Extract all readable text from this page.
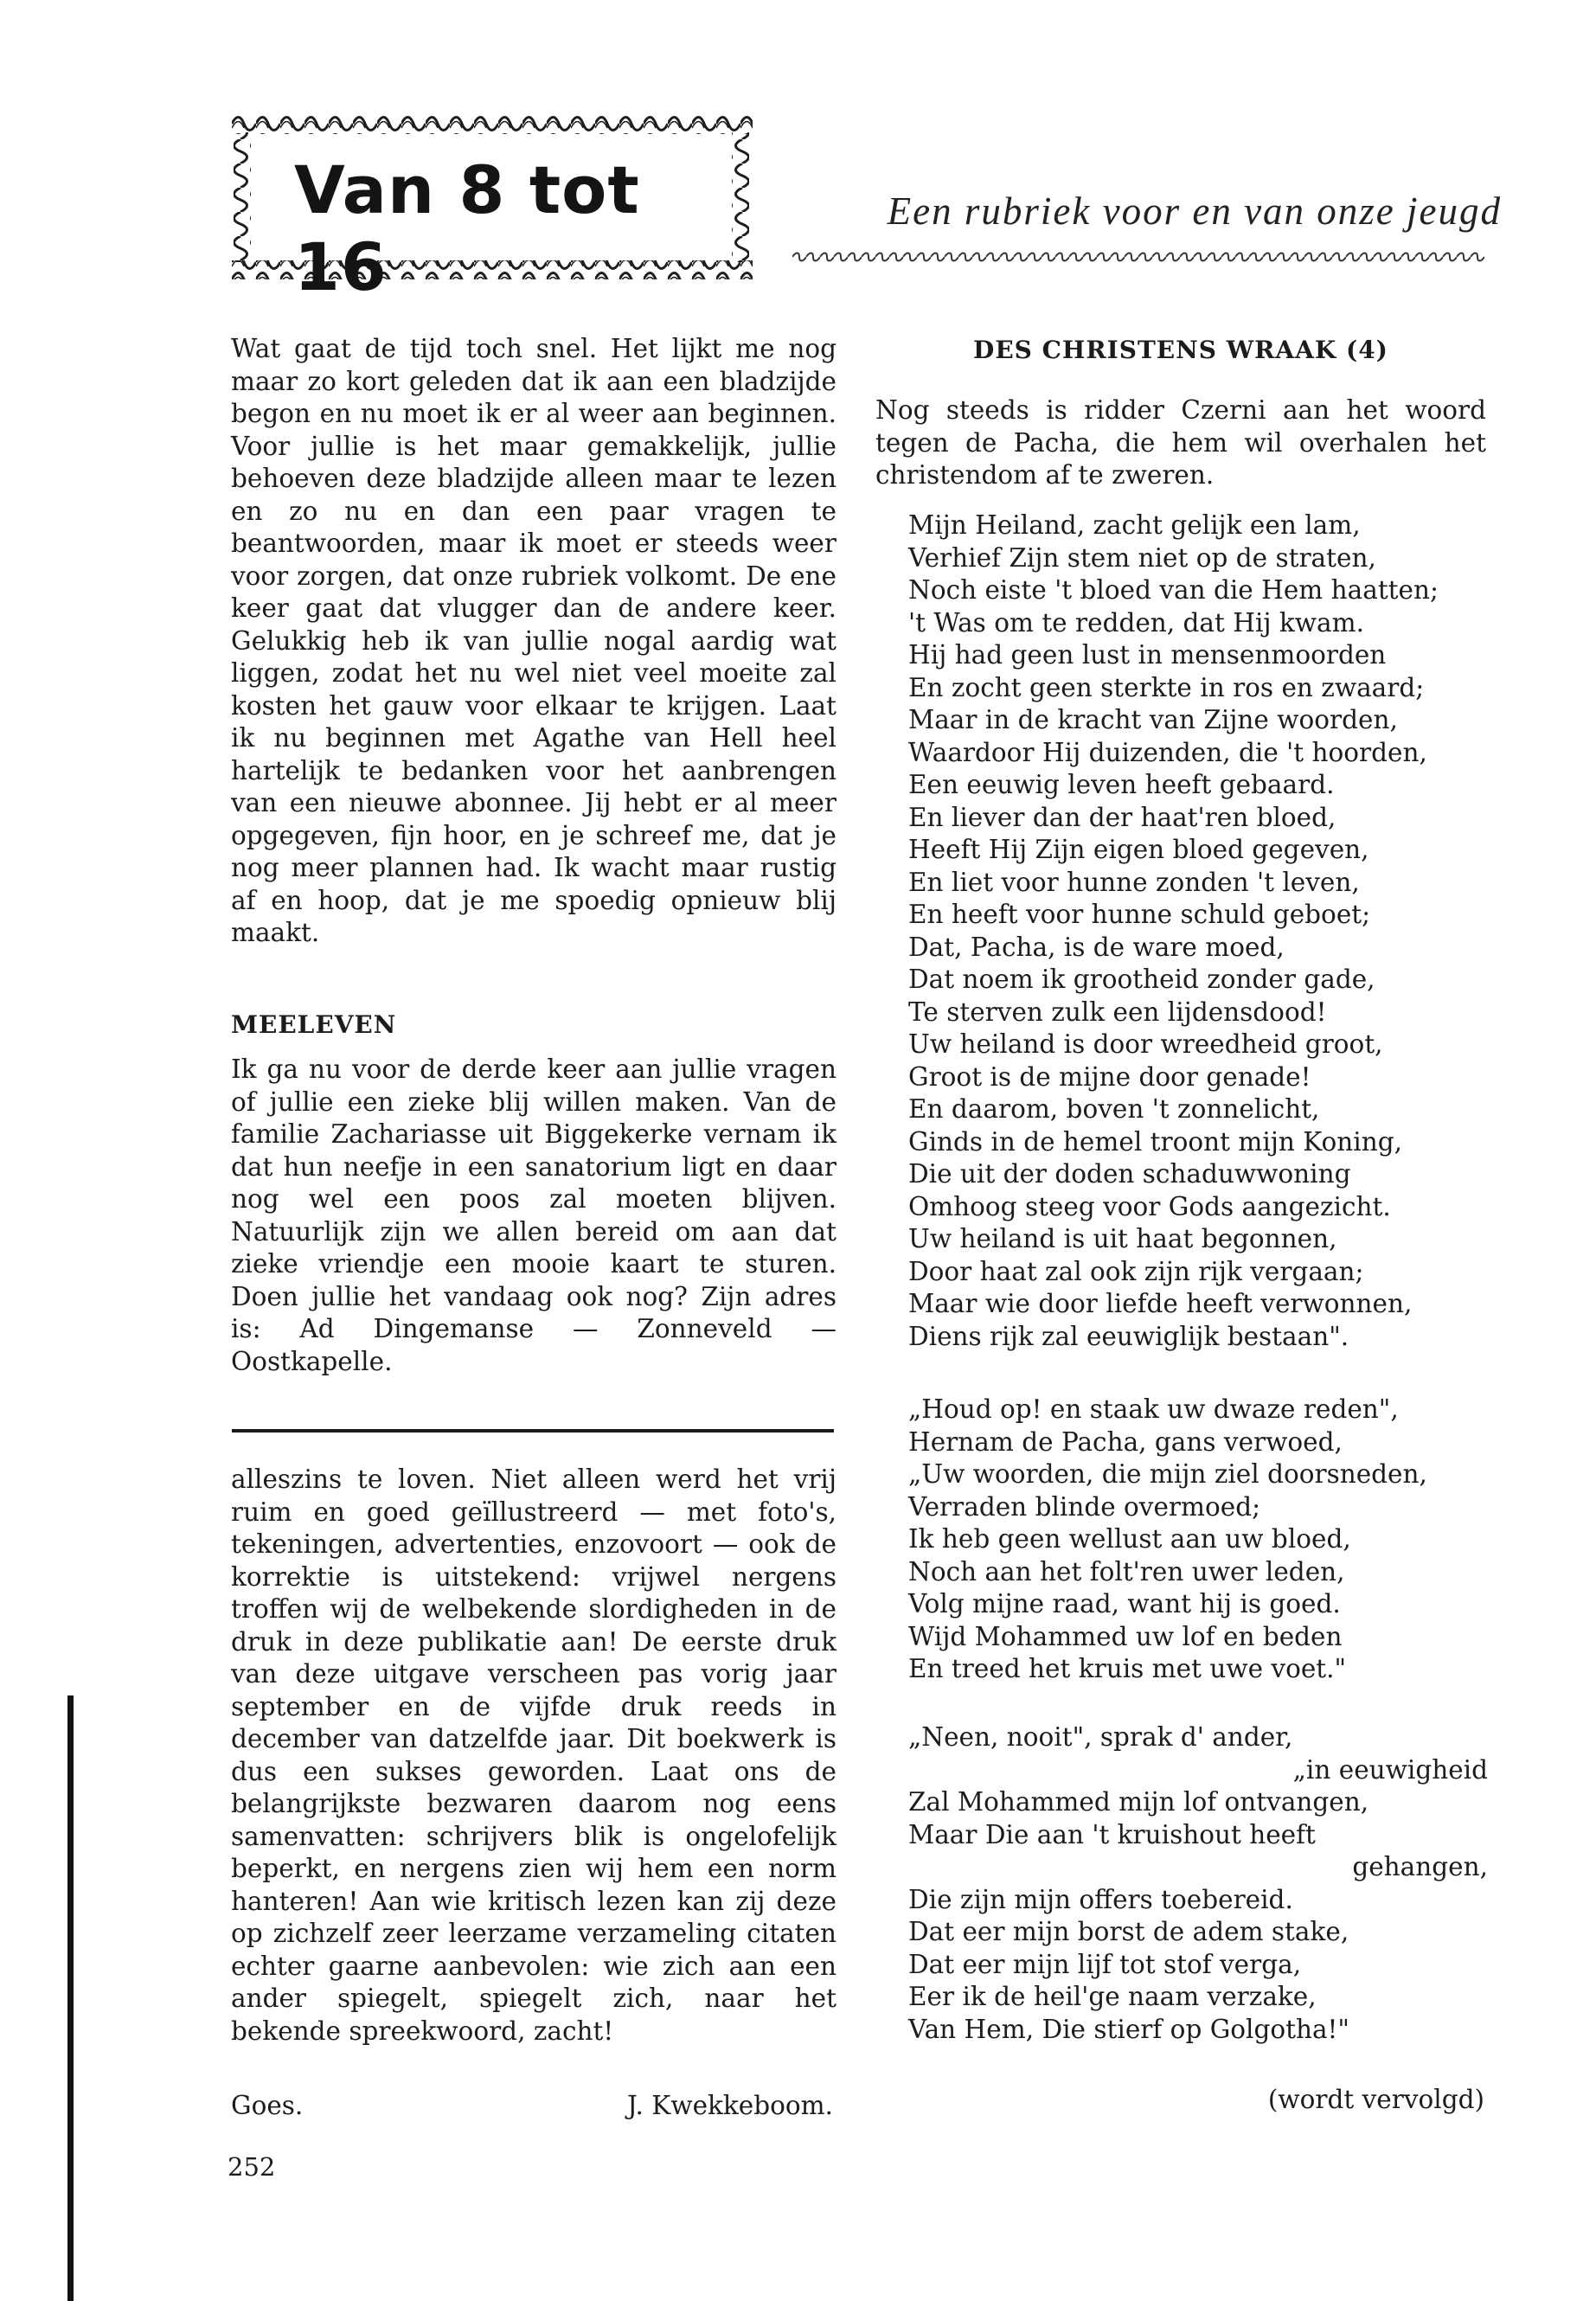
Van 8 tot 16
Een rubriek voor en van onze jeugd

Wat gaat de tijd toch snel. Het lijkt me nog maar zo kort geleden dat ik aan een bladzijde begon en nu moet ik er al weer aan beginnen. Voor jullie is het maar gemakkelijk, jullie behoeven deze bladzijde alleen maar te lezen en zo nu en dan een paar vragen te beantwoorden, maar ik moet er steeds weer voor zorgen, dat onze rubriek volkomt. De ene keer gaat dat vlugger dan de andere keer. Gelukkig heb ik van jullie nogal aardig wat liggen, zodat het nu wel niet veel moeite zal kosten het gauw voor elkaar te krijgen. Laat ik nu beginnen met Agathe van Hell heel hartelijk te bedanken voor het aanbrengen van een nieuwe abonnee. Jij hebt er al meer opgegeven, fijn hoor, en je schreef me, dat je nog meer plannen had. Ik wacht maar rustig af en hoop, dat je me spoedig opnieuw blij maakt.

MEELEVEN

Ik ga nu voor de derde keer aan jullie vragen of jullie een zieke blij willen maken. Van de familie Zachariasse uit Biggekerke vernam ik dat hun neefje in een sanatorium ligt en daar nog wel een poos zal moeten blijven. Natuurlijk zijn we allen bereid om aan dat zieke vriendje een mooie kaart te sturen. Doen jullie het vandaag ook nog? Zijn adres is: Ad Dingemanse — Zonneveld — Oostkapelle.

alleszins te loven. Niet alleen werd het vrij ruim en goed geïllustreerd — met foto's, tekeningen, advertenties, enzovoort — ook de korrektie is uitstekend: vrijwel nergens troffen wij de welbekende slordigheden in de druk in deze publikatie aan! De eerste druk van deze uitgave verscheen pas vorig jaar september en de vijfde druk reeds in december van datzelfde jaar. Dit boekwerk is dus een sukses geworden. Laat ons de belangrijkste bezwaren daarom nog eens samenvatten: schrijvers blik is ongelofelijk beperkt, en nergens zien wij hem een norm hanteren! Aan wie kritisch lezen kan zij deze op zichzelf zeer leerzame verzameling citaten echter gaarne aanbevolen: wie zich aan een ander spiegelt, spiegelt zich, naar het bekende spreekwoord, zacht!

Goes.	J. Kwekkeboom.
252
DES CHRISTENS WRAAK (4)

Nog steeds is ridder Czerni aan het woord tegen de Pacha, die hem wil overhalen het christendom af te zweren.

Mijn Heiland, zacht gelijk een lam,
Verhief Zijn stem niet op de straten,
Noch eiste 't bloed van die Hem haatten;
't Was om te redden, dat Hij kwam.
Hij had geen lust in mensenmoorden
En zocht geen sterkte in ros en zwaard;
Maar in de kracht van Zijne woorden,
Waardoor Hij duizenden, die 't hoorden,
Een eeuwig leven heeft gebaard.
En liever dan der haat'ren bloed,
Heeft Hij Zijn eigen bloed gegeven,
En liet voor hunne zonden 't leven,
En heeft voor hunne schuld geboet;
Dat, Pacha, is de ware moed,
Dat noem ik grootheid zonder gade,
Te sterven zulk een lijdensdood!
Uw heiland is door wreedheid groot,
Groot is de mijne door genade!
En daarom, boven 't zonnelicht,
Ginds in de hemel troont mijn Koning,
Die uit der doden schaduwwoning
Omhoog steeg voor Gods aangezicht.
Uw heiland is uit haat begonnen,
Door haat zal ook zijn rijk vergaan;
Maar wie door liefde heeft verwonnen,
Diens rijk zal eeuwiglijk bestaan".
„Houd op! en staak uw dwaze reden",
Hernam de Pacha, gans verwoed,
„Uw woorden, die mijn ziel doorsneden,
Verraden blinde overmoed;
Ik heb geen wellust aan uw bloed,
Noch aan het folt'ren uwer leden,
Volg mijne raad, want hij is goed.
Wijd Mohammed uw lof en beden
En treed het kruis met uwe voet."
„Neen, nooit", sprak d' ander,
„in eeuwigheid
Zal Mohammed mijn lof ontvangen,
Maar Die aan 't kruishout heeft
gehangen,
Die zijn mijn offers toebereid.
Dat eer mijn borst de adem stake,
Dat eer mijn lijf tot stof verga,
Eer ik de heil'ge naam verzake,
Van Hem, Die stierf op Golgotha!"
(wordt vervolgd)
